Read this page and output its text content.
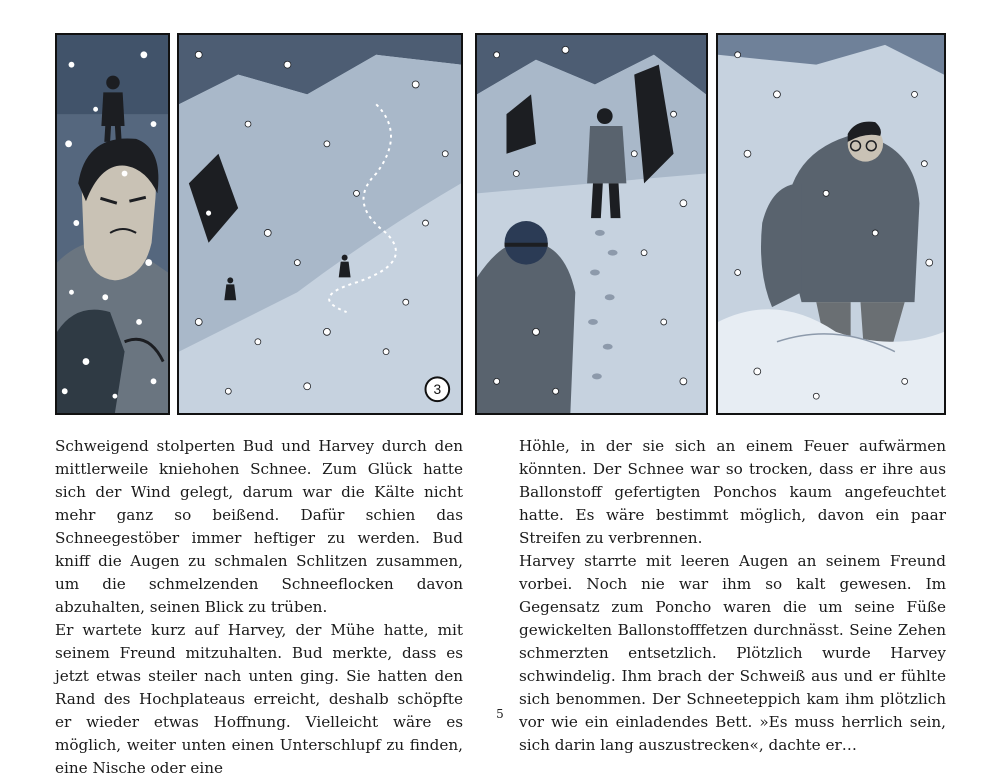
3

Schweigend stolperten Bud und Harvey durch den mittlerweile kniehohen Schnee. Zum Glück hatte sich der Wind gelegt, darum war die Kälte nicht mehr ganz so beißend. Dafür schien das Schneegestöber immer heftiger zu werden. Bud kniff die Augen zu schmalen Schlitzen zusammen, um die schmelzenden Schneeflocken davon abzuhalten, seinen Blick zu trüben.

Er wartete kurz auf Harvey, der Mühe hatte, mit seinem Freund mitzuhalten. Bud merkte, dass es jetzt etwas steiler nach unten ging. Sie hatten den Rand des Hochplateaus erreicht, deshalb schöpfte er wieder etwas Hoffnung. Vielleicht wäre es möglich, weiter unten einen Unterschlupf zu finden, eine Nische oder eine

Höhle, in der sie sich an einem Feuer aufwärmen könnten. Der Schnee war so trocken, dass er ihre aus Ballonstoff gefertigten Ponchos kaum angefeuchtet hatte. Es wäre bestimmt möglich, davon ein paar Streifen zu verbrennen.

Harvey starrte mit leeren Augen an seinem Freund vorbei. Noch nie war ihm so kalt gewesen. Im Gegensatz zum Poncho waren die um seine Füße gewickelten Ballonstofffetzen durchnässt. Seine Zehen schmerzten entsetzlich. Plötzlich wurde Harvey schwindelig. Ihm brach der Schweiß aus und er fühlte sich benommen. Der Schneeteppich kam ihm plötzlich vor wie ein einladendes Bett. »Es muss herrlich sein, sich darin lang auszustrecken«, dachte er…

5
